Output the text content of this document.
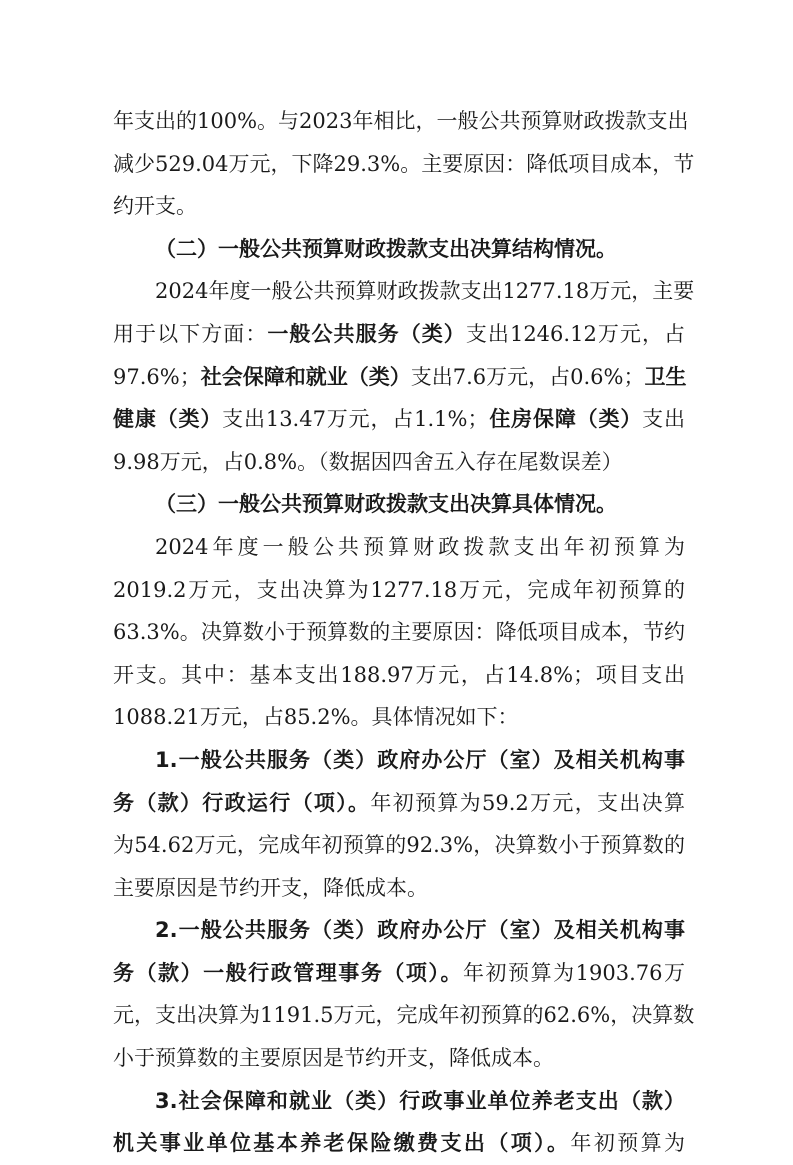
年支出的100%。与2023年相比，一般公共预算财政拨款支出
减少529.04万元，下降29.3%。主要原因：降低项目成本，节
约开支。
（二）一般公共预算财政拨款支出决算结构情况。
2024年度一般公共预算财政拨款支出1277.18万元，主要
用于以下方面：一般公共服务（类）支出1246.12万元，占
97.6%；社会保障和就业（类）支出7.6万元，占0.6%；卫生
健康（类）支出13.47万元，占1.1%；住房保障（类）支出
9.98万元，占0.8%。（数据因四舍五入存在尾数误差）
（三）一般公共预算财政拨款支出决算具体情况。
2024年度一般公共预算财政拨款支出年初预算为
2019.2万元，支出决算为1277.18万元，完成年初预算的
63.3%。决算数小于预算数的主要原因：降低项目成本，节约
开支。其中：基本支出188.97万元，占14.8%；项目支出
1088.21万元，占85.2%。具体情况如下：
1.一般公共服务（类）政府办公厅（室）及相关机构事
务（款）行政运行（项）。年初预算为59.2万元，支出决算
为54.62万元，完成年初预算的92.3%，决算数小于预算数的
主要原因是节约开支，降低成本。
2.一般公共服务（类）政府办公厅（室）及相关机构事
务（款）一般行政管理事务（项）。年初预算为1903.76万
元，支出决算为1191.5万元，完成年初预算的62.6%，决算数
小于预算数的主要原因是节约开支，降低成本。
3.社会保障和就业（类）行政事业单位养老支出（款）
机关事业单位基本养老保险缴费支出（项）。年初预算为
